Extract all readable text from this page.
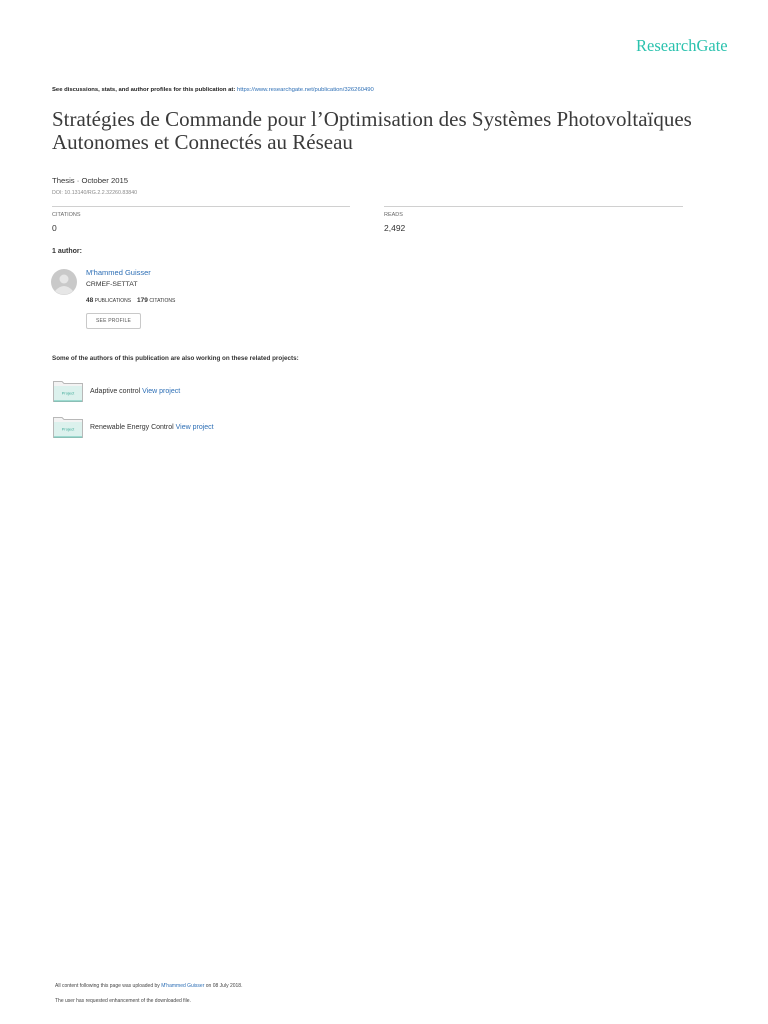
ResearchGate
See discussions, stats, and author profiles for this publication at: https://www.researchgate.net/publication/326260490
Stratégies de Commande pour l’Optimisation des Systèmes Photovoltaïques
Autonomes et Connectés au Réseau
Thesis · October 2015
DOI: 10.13140/RG.2.2.32260.83840
CITATIONS
0
READS
2,492
1 author:
M'hammed Guisser
CRMEF-SETTAT
48 PUBLICATIONS 179 CITATIONS
SEE PROFILE
Some of the authors of this publication are also working on these related projects:
Project Adaptive control View project
Project Renewable Energy Control View project
All content following this page was uploaded by M'hammed Guisser on 08 July 2018.
The user has requested enhancement of the downloaded file.
